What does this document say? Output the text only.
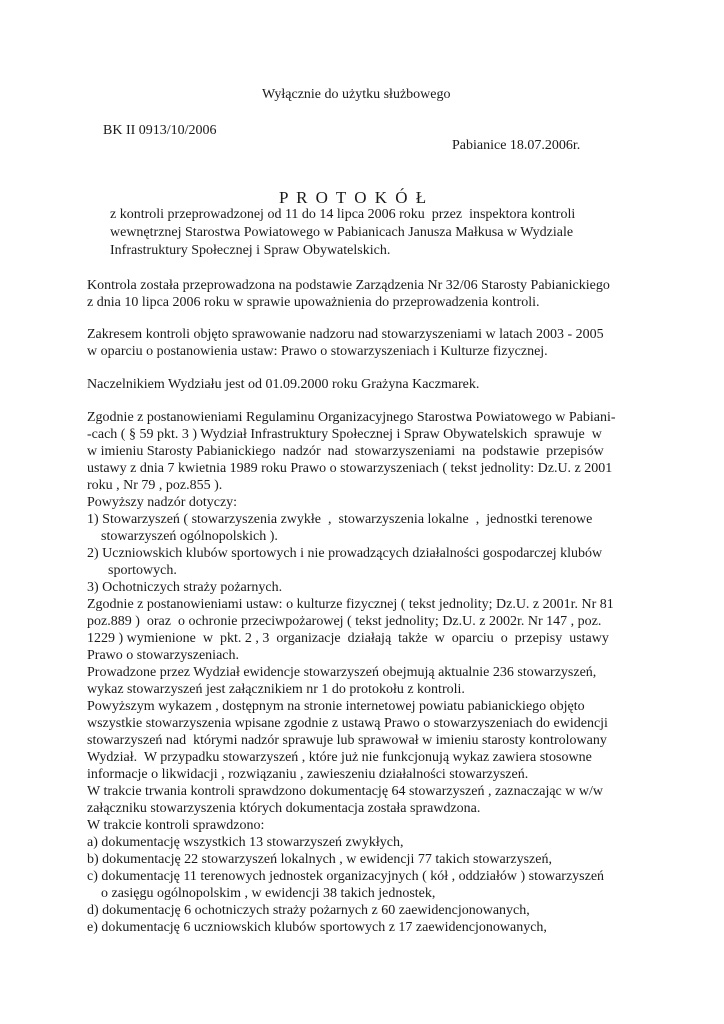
Wyłącznie do użytku służbowego
BK II 0913/10/2006
Pabianice 18.07.2006r.
P R O T O K Ó Ł
z kontroli przeprowadzonej od 11 do 14 lipca 2006 roku  przez  inspektora kontroli
wewnętrznej Starostwa Powiatowego w Pabianicach Janusza Małkusa w Wydziale
Infrastruktury Społecznej i Spraw Obywatelskich.
Kontrola została przeprowadzona na podstawie Zarządzenia Nr 32/06 Starosty Pabianickiego
z dnia 10 lipca 2006 roku w sprawie upoważnienia do przeprowadzenia kontroli.
Zakresem kontroli objęto sprawowanie nadzoru nad stowarzyszeniami w latach 2003 - 2005
w oparciu o postanowienia ustaw: Prawo o stowarzyszeniach i Kulturze fizycznej.
Naczelnikiem Wydziału jest od 01.09.2000 roku Grażyna Kaczmarek.
Zgodnie z postanowieniami Regulaminu Organizacyjnego Starostwa Powiatowego w Pabiani-
-cach ( § 59 pkt. 3 ) Wydział Infrastruktury Społecznej i Spraw Obywatelskich  sprawuje  w
w imieniu Starosty Pabianickiego  nadzór  nad  stowarzyszeniami  na  podstawie  przepisów
ustawy z dnia 7 kwietnia 1989 roku Prawo o stowarzyszeniach ( tekst jednolity: Dz.U. z 2001
roku , Nr 79 , poz.855 ).
Powyższy nadzór dotyczy:
1) Stowarzyszeń ( stowarzyszenia zwykłe  ,  stowarzyszenia lokalne  ,  jednostki terenowe
stowarzyszeń ogólnopolskich ).
2) Uczniowskich klubów sportowych i nie prowadzących działalności gospodarczej klubów
sportowych.
3) Ochotniczych straży pożarnych.
Zgodnie z postanowieniami ustaw: o kulturze fizycznej ( tekst jednolity; Dz.U. z 2001r. Nr 81
poz.889 )  oraz  o ochronie przeciwpożarowej ( tekst jednolity; Dz.U. z 2002r. Nr 147 , poz.
1229 ) wymienione  w  pkt. 2 , 3  organizacje  działają  także  w  oparciu  o  przepisy  ustawy
Prawo o stowarzyszeniach.
Prowadzone przez Wydział ewidencje stowarzyszeń obejmują aktualnie 236 stowarzyszeń,
wykaz stowarzyszeń jest załącznikiem nr 1 do protokołu z kontroli.
Powyższym wykazem , dostępnym na stronie internetowej powiatu pabianickiego objęto
wszystkie stowarzyszenia wpisane zgodnie z ustawą Prawo o stowarzyszeniach do ewidencji
stowarzyszeń nad  którymi nadzór sprawuje lub sprawował w imieniu starosty kontrolowany
Wydział.  W przypadku stowarzyszeń , które już nie funkcjonują wykaz zawiera stosowne
informacje o likwidacji , rozwiązaniu , zawieszeniu działalności stowarzyszeń.
W trakcie trwania kontroli sprawdzono dokumentację 64 stowarzyszeń , zaznaczając w w/w
załączniku stowarzyszenia których dokumentacja została sprawdzona.
W trakcie kontroli sprawdzono:
a) dokumentację wszystkich 13 stowarzyszeń zwykłych,
b) dokumentację 22 stowarzyszeń lokalnych , w ewidencji 77 takich stowarzyszeń,
c) dokumentację 11 terenowych jednostek organizacyjnych ( kół , oddziałów ) stowarzyszeń
o zasięgu ogólnopolskim , w ewidencji 38 takich jednostek,
d) dokumentację 6 ochotniczych straży pożarnych z 60 zaewidencjonowanych,
e) dokumentację 6 uczniowskich klubów sportowych z 17 zaewidencjonowanych,
